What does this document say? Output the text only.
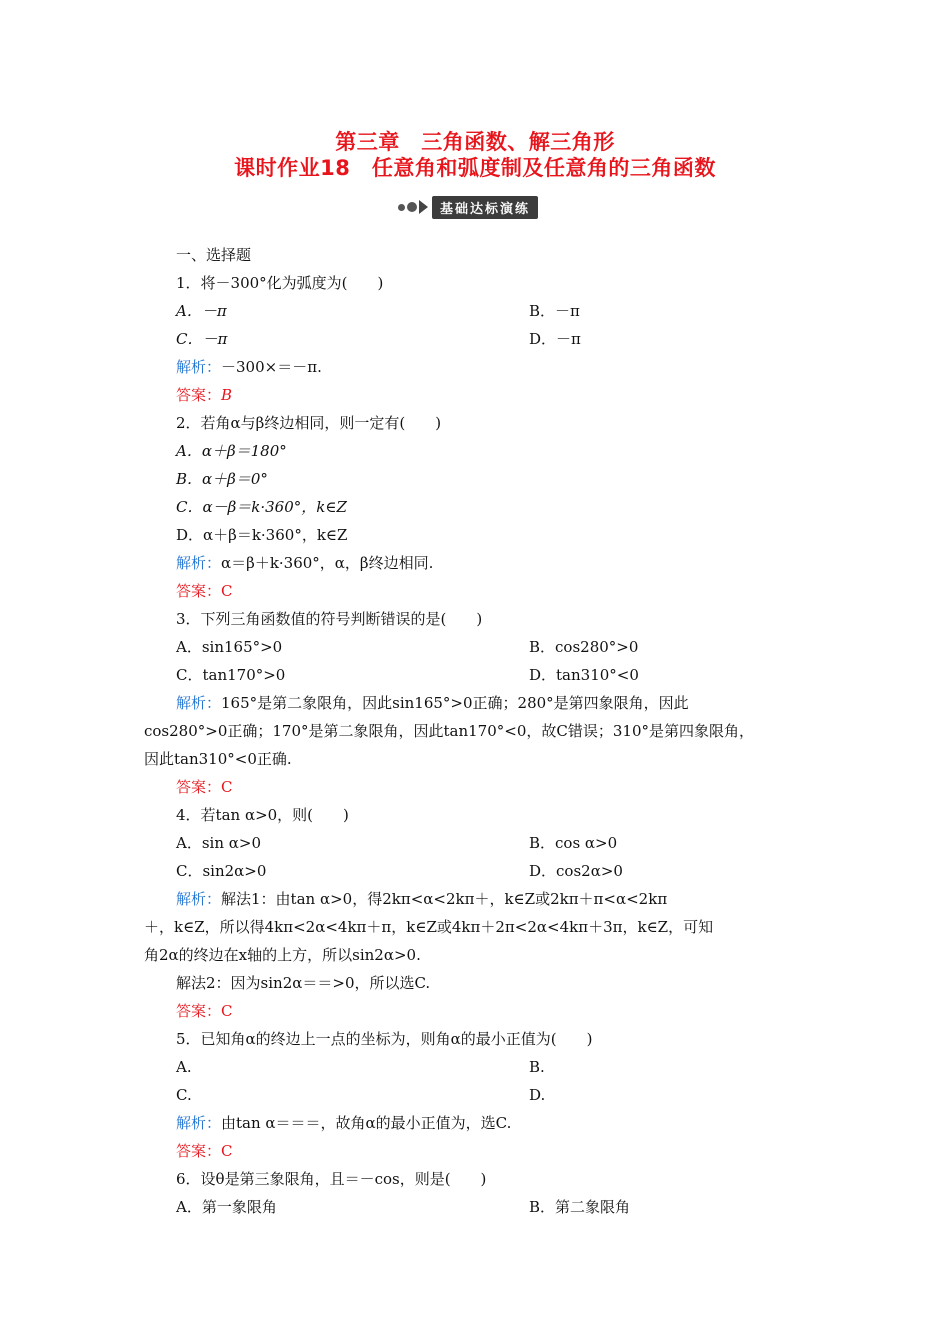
第三章　三角函数、解三角形
课时作业18　任意角和弧度制及任意角的三角函数
基础达标演练
一、选择题
1．将－300°化为弧度为(　　)
A．－π	B．－π
C．－π	D．－π
解析：－300×＝－π.
答案：B
2．若角α与β终边相同，则一定有(　　)
A．α＋β＝180°
B．α＋β＝0°
C．α－β＝k·360°，k∈Z
D．α＋β＝k·360°，k∈Z
解析：α＝β＋k·360°，α，β终边相同.
答案：C
3．下列三角函数值的符号判断错误的是(　　)
A．sin165°>0	B．cos280°>0
C．tan170°>0	D．tan310°<0
解析：165°是第二象限角，因此sin165°>0正确；280°是第四象限角，因此
cos280°>0正确；170°是第二象限角，因此tan170°<0，故C错误；310°是第四象限角，
因此tan310°<0正确.
答案：C
4．若tan α>0，则(　　)
A．sin α>0	B．cos α>0
C．sin2α>0	D．cos2α>0
解析：解法1：由tan α>0，得2kπ<α<2kπ＋，k∈Z或2kπ＋π<α<2kπ
＋，k∈Z，所以得4kπ<2α<4kπ＋π，k∈Z或4kπ＋2π<2α<4kπ＋3π，k∈Z，可知
角2α的终边在x轴的上方，所以sin2α>0.
解法2：因为sin2α＝＝>0，所以选C.
答案：C
5．已知角α的终边上一点的坐标为，则角α的最小正值为(　　)
A.	B.
C.	D.
解析：由tan α＝＝＝，故角α的最小正值为，选C.
答案：C
6．设θ是第三象限角，且＝－cos，则是(　　)
A．第一象限角	B．第二象限角
